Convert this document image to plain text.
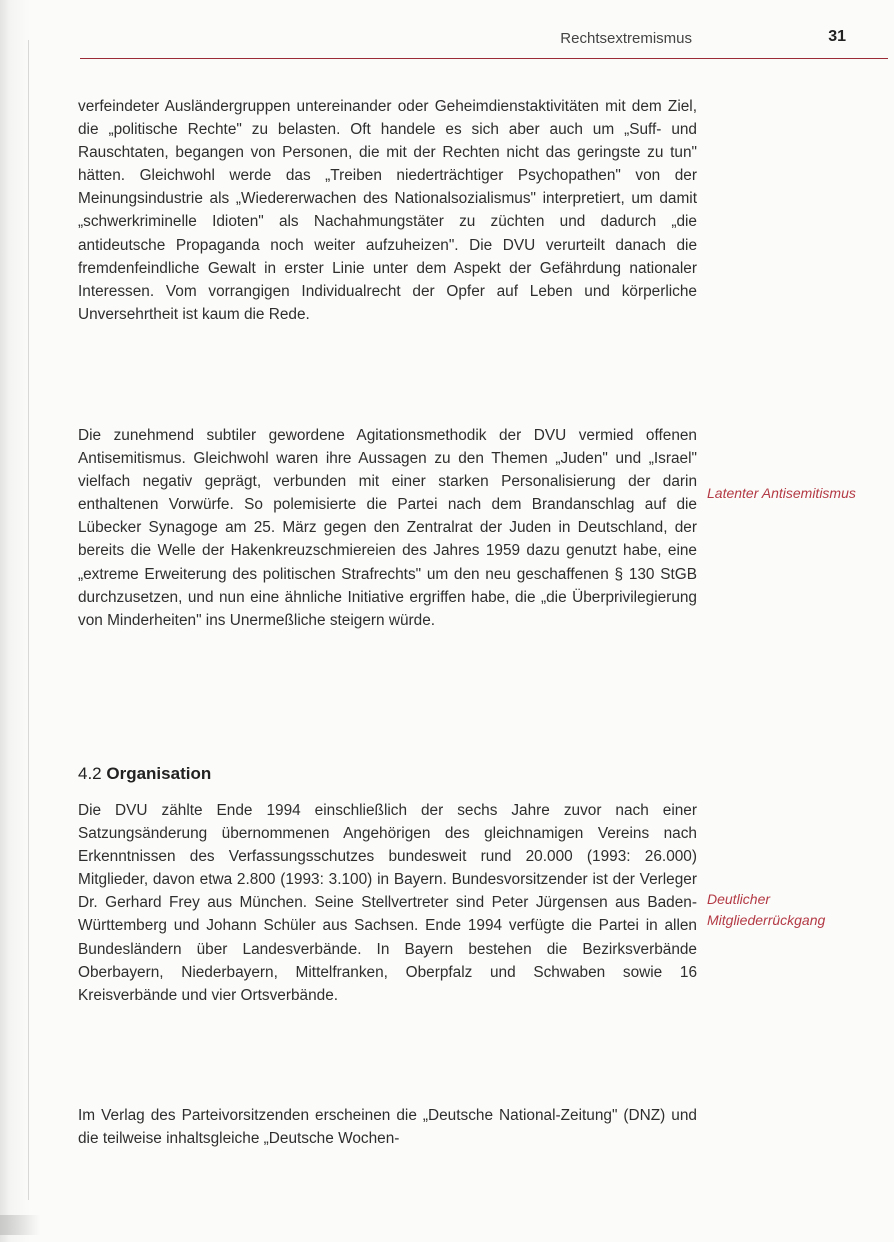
Rechtsextremismus	31

verfeindeter Ausländergruppen untereinander oder Geheimdienstaktivitäten mit dem Ziel, die „politische Rechte" zu belasten. Oft handele es sich aber auch um „Suff- und Rauschtaten, begangen von Personen, die mit der Rechten nicht das geringste zu tun" hätten. Gleichwohl werde das „Treiben niederträchtiger Psychopathen" von der Meinungsindustrie als „Wiedererwachen des Nationalsozialismus" interpretiert, um damit „schwerkriminelle Idioten" als Nachahmungstäter zu züchten und dadurch „die antideutsche Propaganda noch weiter aufzuheizen". Die DVU verurteilt danach die fremdenfeindliche Gewalt in erster Linie unter dem Aspekt der Gefährdung nationaler Interessen. Vom vorrangigen Individualrecht der Opfer auf Leben und körperliche Unversehrtheit ist kaum die Rede.

Die zunehmend subtiler gewordene Agitationsmethodik der DVU vermied offenen Antisemitismus. Gleichwohl waren ihre Aussagen zu den Themen „Juden" und „Israel" vielfach negativ geprägt, verbunden mit einer starken Personalisierung der darin enthaltenen Vorwürfe. So polemisierte die Partei nach dem Brandanschlag auf die Lübecker Synagoge am 25. März gegen den Zentralrat der Juden in Deutschland, der bereits die Welle der Hakenkreuzschmiereien des Jahres 1959 dazu genutzt habe, eine „extreme Erweiterung des politischen Strafrechts" um den neu geschaffenen § 130 StGB durchzusetzen, und nun eine ähnliche Initiative ergriffen habe, die „die Überprivilegierung von Minderheiten" ins Unermeßliche steigern würde.

4.2 Organisation

Die DVU zählte Ende 1994 einschließlich der sechs Jahre zuvor nach einer Satzungsänderung übernommenen Angehörigen des gleichnamigen Vereins nach Erkenntnissen des Verfassungsschutzes bundesweit rund 20.000 (1993: 26.000) Mitglieder, davon etwa 2.800 (1993: 3.100) in Bayern. Bundesvorsitzender ist der Verleger Dr. Gerhard Frey aus München. Seine Stellvertreter sind Peter Jürgensen aus Baden-Württemberg und Johann Schüler aus Sachsen. Ende 1994 verfügte die Partei in allen Bundesländern über Landesverbände. In Bayern bestehen die Bezirksverbände Oberbayern, Niederbayern, Mittelfranken, Oberpfalz und Schwaben sowie 16 Kreisverbände und vier Ortsverbände.

Im Verlag des Parteivorsitzenden erscheinen die „Deutsche National-Zeitung" (DNZ) und die teilweise inhaltsgleiche „Deutsche Wochen-

Latenter Antisemitismus

Deutlicher Mitgliederrückgang
